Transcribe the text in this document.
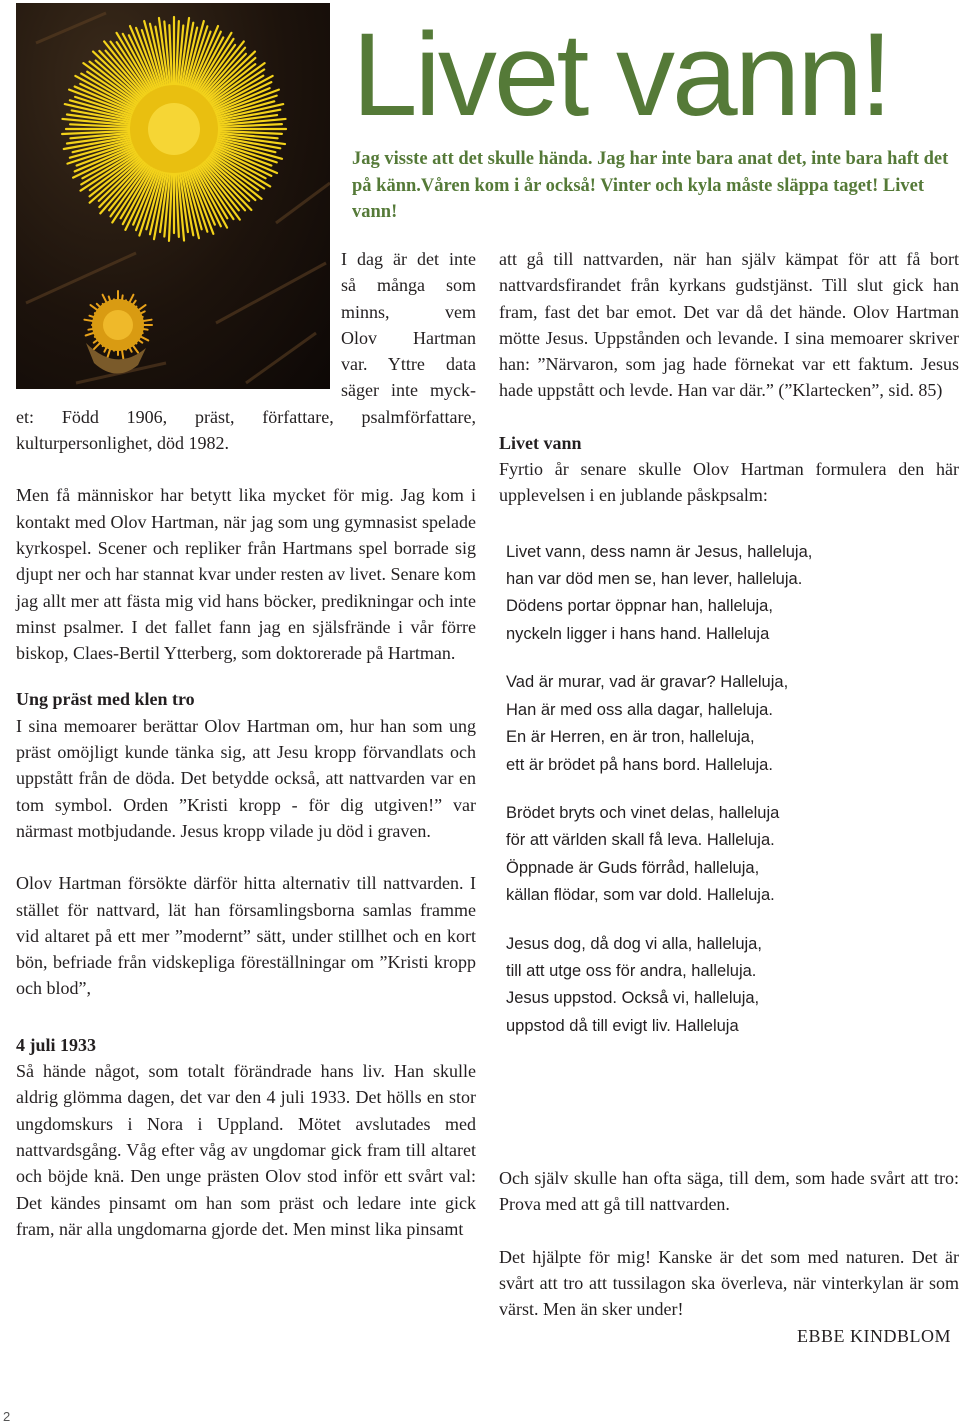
Livet vann!

Jag visste att det skulle hända. Jag har inte bara anat det, inte bara haft det på känn.Våren kom i år också! Vinter och kyla måste släppa taget! Livet vann!

I dag är det inte
så många som
minns, vem
Olov Hartman
var. Yttre data
säger inte myck-

et: Född 1906, präst, författare, psalmförfattare, kulturpersonlighet, död 1982.

Men få människor har betytt lika mycket för mig. Jag kom i kontakt med Olov Hartman, när jag som ung gymnasist spelade kyrkospel. Scener och repliker från Hartmans spel borrade sig djupt ner och har stannat kvar under resten av livet. Senare kom jag allt mer att fästa mig vid hans böcker, predikningar och inte minst psalmer. I det fallet fann jag en själsfrände i vår förre biskop, Claes-Bertil Ytterberg, som doktorerade på Hartman.

Ung präst med klen tro

I sina memoarer berättar Olov Hartman om, hur han som ung präst omöjligt kunde tänka sig, att Jesu kropp förvandlats och uppstått från de döda. Det betydde också, att nattvarden var en tom symbol. Orden ”Kristi kropp - för dig utgiven!” var närmast motbjudande. Jesus kropp vilade ju död i graven.

Olov Hartman försökte därför hitta alternativ till nattvarden. I stället för nattvard, lät han församlingsborna samlas framme vid altaret på ett mer ”modernt” sätt, under stillhet och en kort bön, befriade från vidskepliga föreställningar om ”Kristi kropp och blod”,

4 juli 1933

Så hände något, som totalt förändrade hans liv. Han skulle aldrig glömma dagen, det var den 4 juli 1933. Det hölls en stor ungdomskurs i Nora i Uppland. Mötet avslutades med nattvardsgång. Våg efter våg av ungdomar gick fram till altaret och böjde knä. Den unge prästen Olov stod inför ett svårt val: Det kändes pinsamt om han som präst och ledare inte gick fram, när alla ungdomarna gjorde det. Men minst lika pinsamt

att gå till nattvarden, när han själv kämpat för att få bort nattvardsfirandet från kyrkans gudstjänst. Till slut gick han fram, fast det bar emot. Det var då det hände. Olov Hartman mötte Jesus. Uppstånden och levande. I sina memoarer skriver han: ”Närvaron, som jag hade förnekat var ett faktum. Jesus hade uppstått och levde. Han var där.” (”Klartecken”, sid. 85)

Livet vann

Fyrtio år senare skulle Olov Hartman formulera den här upplevelsen i en jublande påskpsalm:

Livet vann, dess namn är Jesus, halleluja,
han var död men se, han lever, halleluja.
Dödens portar öppnar han, halleluja,
nyckeln ligger i hans hand. Halleluja
Vad är murar, vad är gravar? Halleluja,
Han är med oss alla dagar, halleluja.
En är Herren, en är tron, halleluja,
ett är brödet på hans bord. Halleluja.
Brödet bryts och vinet delas, halleluja
för att världen skall få leva. Halleluja.
Öppnade är Guds förråd, halleluja,
källan flödar, som var dold. Halleluja.
Jesus dog, då dog vi alla, halleluja,
till att utge oss för andra, halleluja.
Jesus uppstod. Också vi, halleluja,
uppstod då till evigt liv. Halleluja

Och själv skulle han ofta säga, till dem, som hade svårt att tro: Prova med att gå till nattvarden.

Det hjälpte för mig! Kanske är det som med naturen. Det är svårt att tro att tussilagon ska överleva, när vinterkylan är som värst. Men än sker under!

EBBE KINDBLOM

2
